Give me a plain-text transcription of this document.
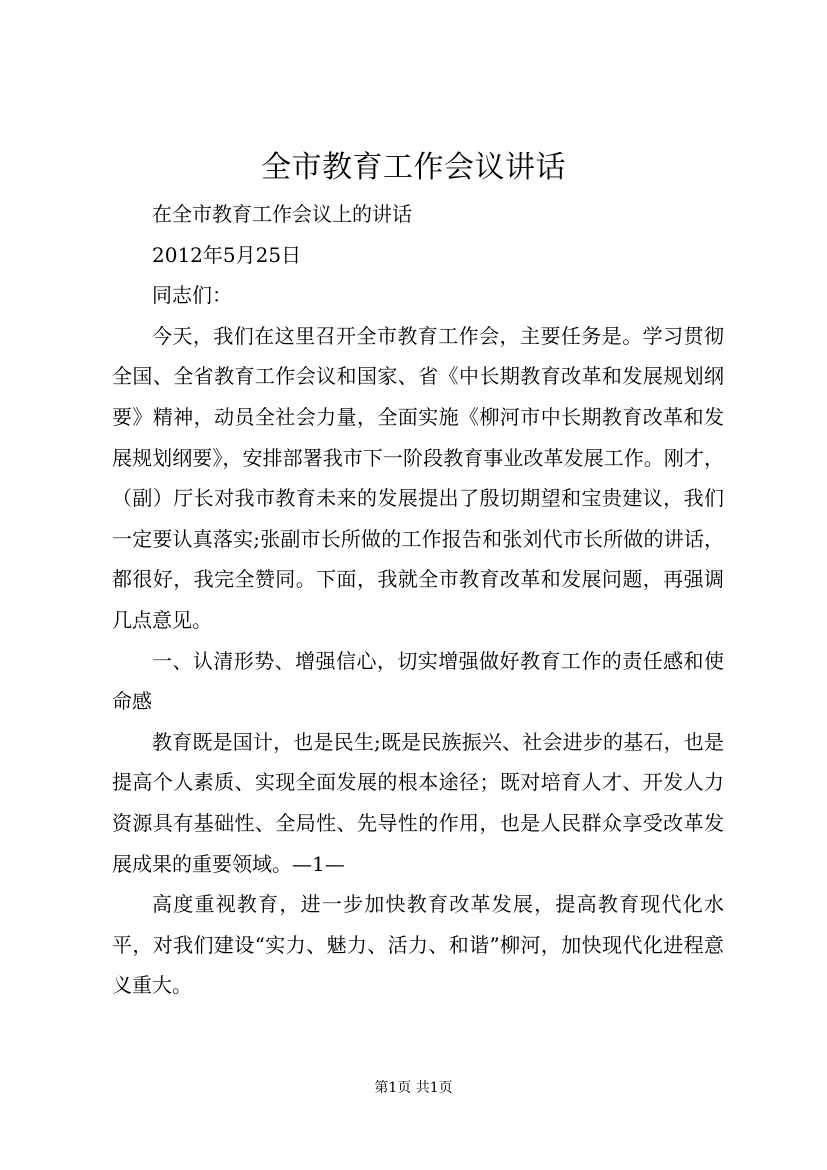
全市教育工作会议讲话

在全市教育工作会议上的讲话

2012年5月25日

同志们：

今天，我们在这里召开全市教育工作会，主要任务是。学习贯彻全国、全省教育工作会议和国家、省《中长期教育改革和发展规划纲要》精神，动员全社会力量，全面实施《柳河市中长期教育改革和发展规划纲要》，安排部署我市下一阶段教育事业改革发展工作。刚才，（副）厅长对我市教育未来的发展提出了殷切期望和宝贵建议，我们一定要认真落实;张副市长所做的工作报告和张刘代市长所做的讲话，都很好，我完全赞同。下面，我就全市教育改革和发展问题，再强调几点意见。

一、认清形势、增强信心，切实增强做好教育工作的责任感和使命感

教育既是国计，也是民生;既是民族振兴、社会进步的基石，也是提高个人素质、实现全面发展的根本途径；既对培育人才、开发人力资源具有基础性、全局性、先导性的作用，也是人民群众享受改革发展成果的重要领域。—1—

高度重视教育，进一步加快教育改革发展，提高教育现代化水平，对我们建设“实力、魅力、活力、和谐”柳河，加快现代化进程意义重大。

第1页 共1页
